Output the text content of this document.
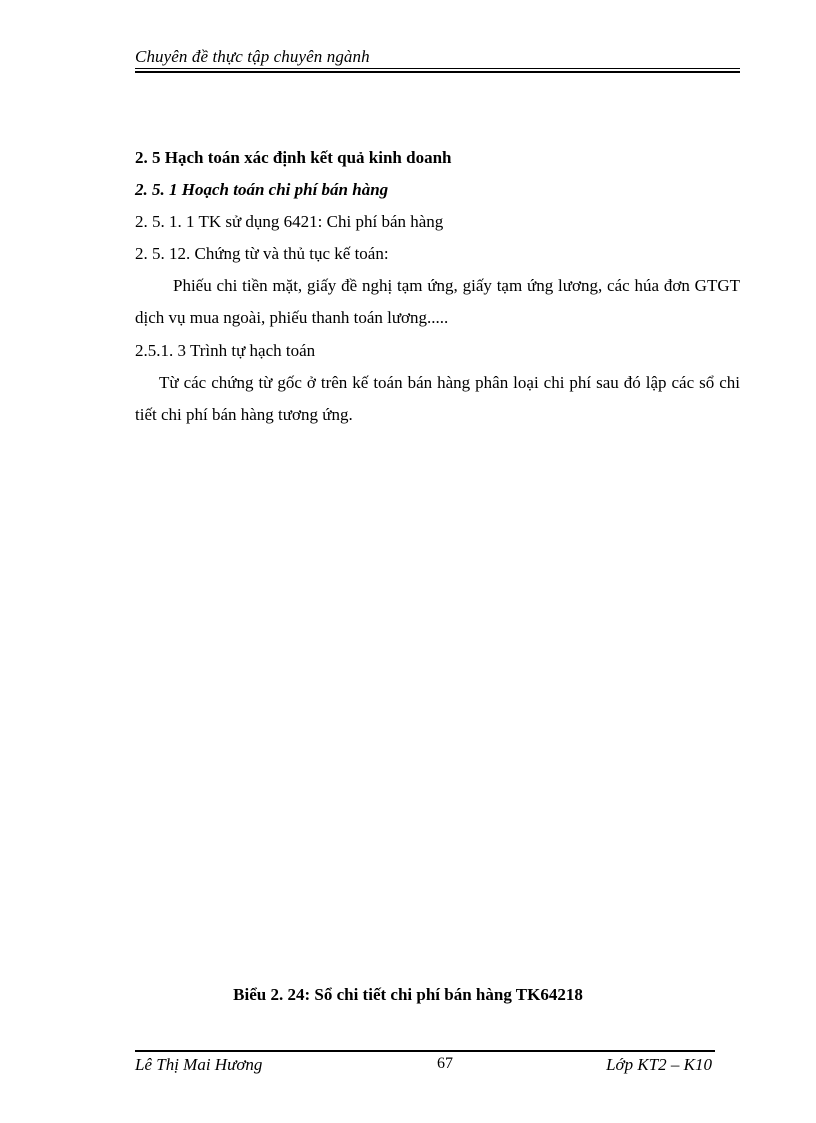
Chuyên đề thực tập chuyên ngành
2. 5 Hạch toán xác định kết quả kinh doanh
2. 5. 1 Hoạch toán chi phí bán hàng
2. 5. 1. 1 TK sử dụng 6421: Chi phí bán hàng
2. 5. 12. Chứng từ và thủ tục kế toán:
Phiếu chi tiền mặt, giấy đề nghị tạm ứng, giấy tạm ứng lương, các húa đơn GTGT dịch vụ mua ngoài, phiếu thanh toán lương.....
2.5.1. 3 Trình tự hạch toán
Từ các chứng từ gốc ở trên kế toán bán hàng phân loại chi phí sau đó lập các sổ chi tiết chi phí bán hàng tương ứng.
Biểu 2. 24: Sổ chi tiết chi phí bán hàng TK64218
Lê Thị Mai Hương	67	Lớp KT2 – K10
